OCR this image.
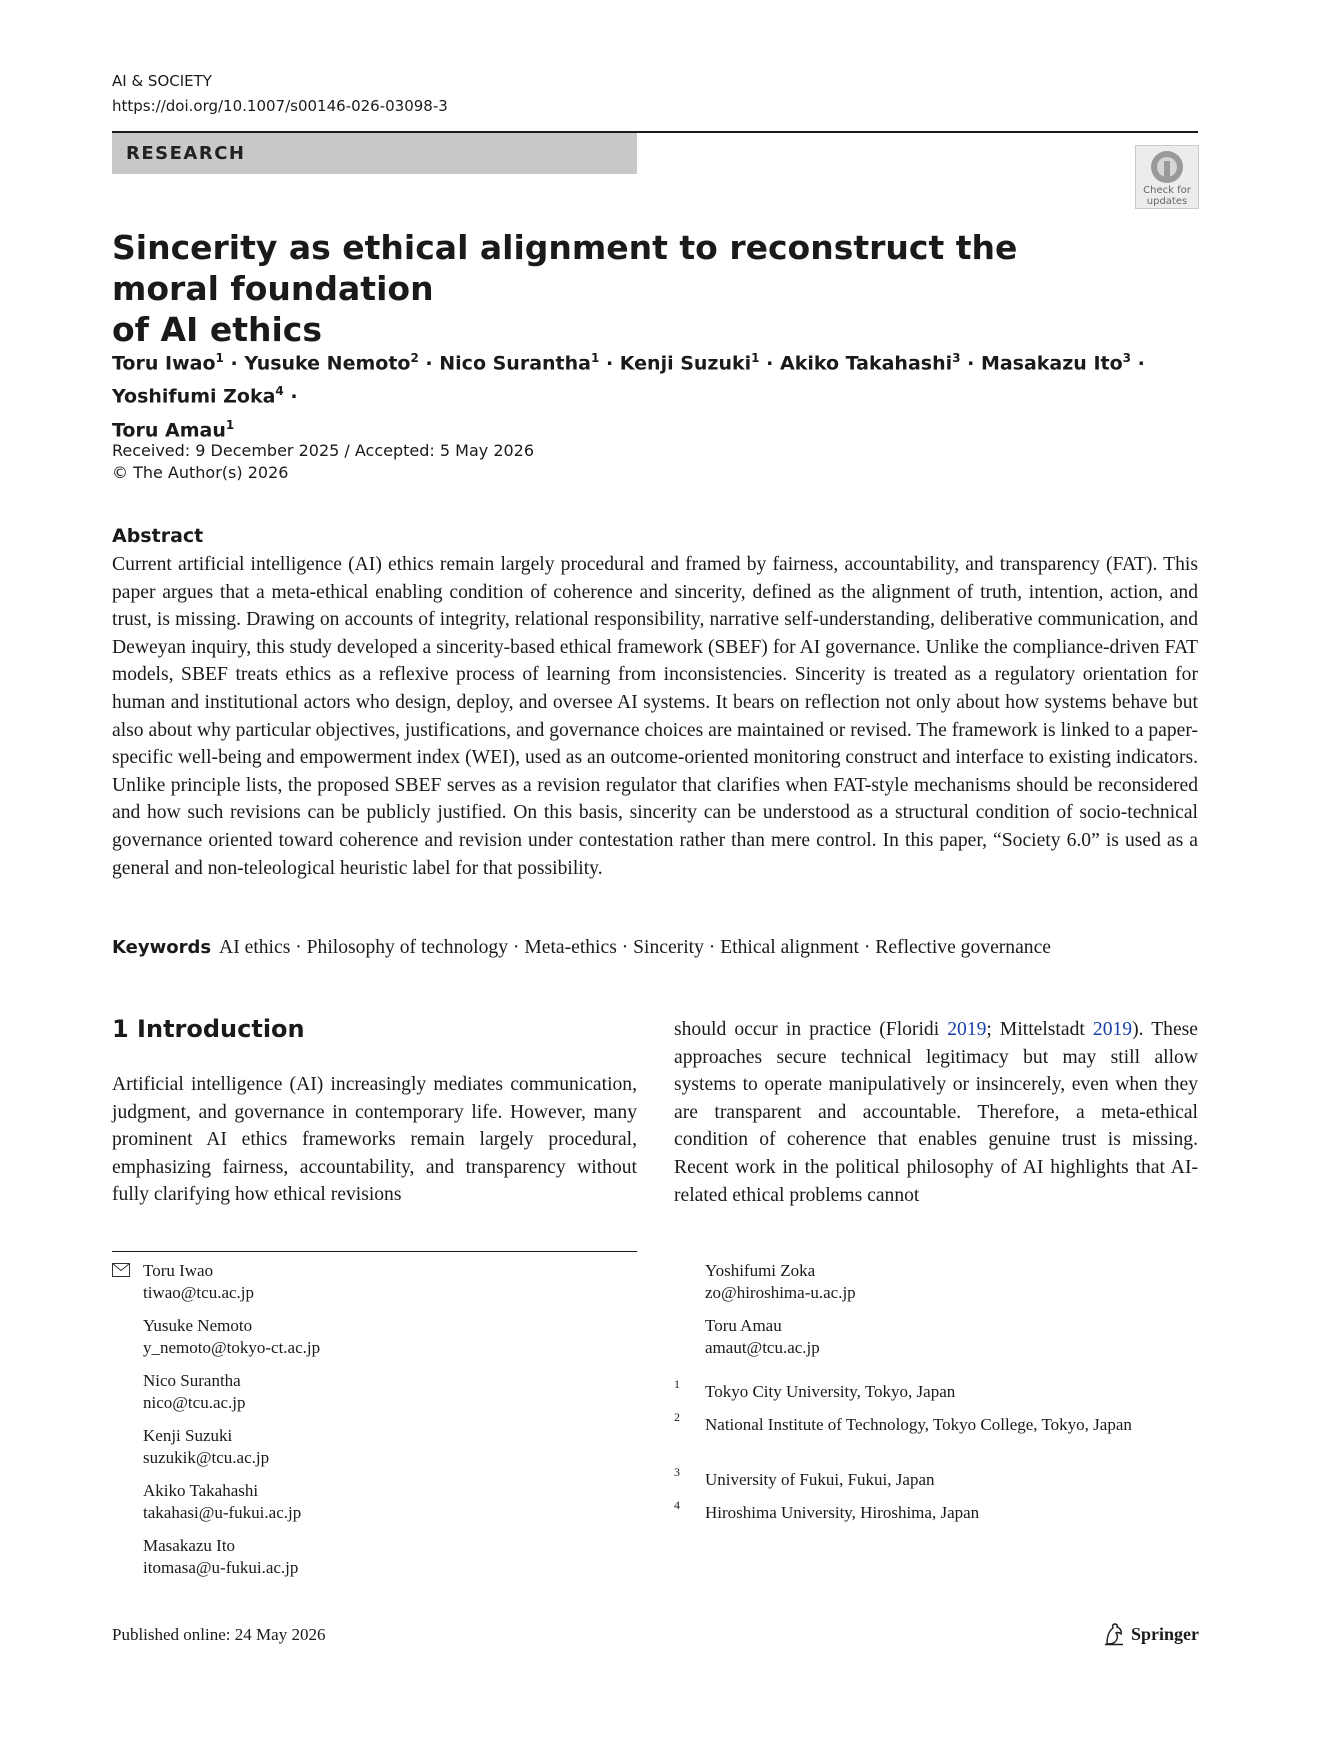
AI & SOCIETY
https://doi.org/10.1007/s00146-026-03098-3
RESEARCH
Check for
updates
Sincerity as ethical alignment to reconstruct the moral foundation
of AI ethics
Toru Iwao$^1$ · Yusuke Nemoto$^2$ · Nico Surantha$^1$ · Kenji Suzuki$^1$ · Akiko Takahashi$^3$ · Masakazu Ito$^3$ · Yoshifumi Zoka$^4$ ·
Toru Amau$^1$
Received: 9 December 2025 / Accepted: 5 May 2026
© The Author(s) 2026
Abstract

Current artificial intelligence (AI) ethics remain largely procedural and framed by fairness, accountability, and transparency (FAT). This paper argues that a meta-ethical enabling condition of coherence and sincerity, defined as the alignment of truth, intention, action, and trust, is missing. Drawing on accounts of integrity, relational responsibility, narrative self-understanding, deliberative communication, and Deweyan inquiry, this study developed a sincerity-based ethical framework (SBEF) for AI governance. Unlike the compliance-driven FAT models, SBEF treats ethics as a reflexive process of learning from inconsistencies. Sincerity is treated as a regulatory orientation for human and institutional actors who design, deploy, and oversee AI systems. It bears on reflection not only about how systems behave but also about why particular objectives, justifications, and governance choices are maintained or revised. The framework is linked to a paper-specific well-being and empowerment index (WEI), used as an outcome-oriented monitoring construct and interface to existing indicators. Unlike principle lists, the proposed SBEF serves as a revision regulator that clarifies when FAT-style mechanisms should be reconsidered and how such revisions can be publicly justified. On this basis, sincerity can be understood as a structural condition of socio-technical governance oriented toward coherence and revision under contestation rather than mere control. In this paper, “Society 6.0” is used as a general and non-teleological heuristic label for that possibility.

Keywords AI ethics · Philosophy of technology · Meta-ethics · Sincerity · Ethical alignment · Reflective governance
1 Introduction

Artificial intelligence (AI) increasingly mediates communication, judgment, and governance in contemporary life. However, many prominent AI ethics frameworks remain largely procedural, emphasizing fairness, accountability, and transparency without fully clarifying how ethical revisions

should occur in practice (Floridi 2019; Mittelstadt 2019). These approaches secure technical legitimacy but may still allow systems to operate manipulatively or insincerely, even when they are transparent and accountable. Therefore, a meta-ethical condition of coherence that enables genuine trust is missing. Recent work in the political philosophy of AI highlights that AI-related ethical problems cannot

Toru Iwao
tiwao@tcu.ac.jp
Yusuke Nemoto
y_nemoto@tokyo-ct.ac.jp
Nico Surantha
nico@tcu.ac.jp
Kenji Suzuki
suzukik@tcu.ac.jp
Akiko Takahashi
takahasi@u-fukui.ac.jp
Masakazu Ito
itomasa@u-fukui.ac.jp
Yoshifumi Zoka
zo@hiroshima-u.ac.jp
Toru Amau
amaut@tcu.ac.jp
1 Tokyo City University, Tokyo, Japan
2 National Institute of Technology, Tokyo College, Tokyo, Japan
3 University of Fukui, Fukui, Japan
4 Hiroshima University, Hiroshima, Japan
Published online: 24 May 2026	Springer
